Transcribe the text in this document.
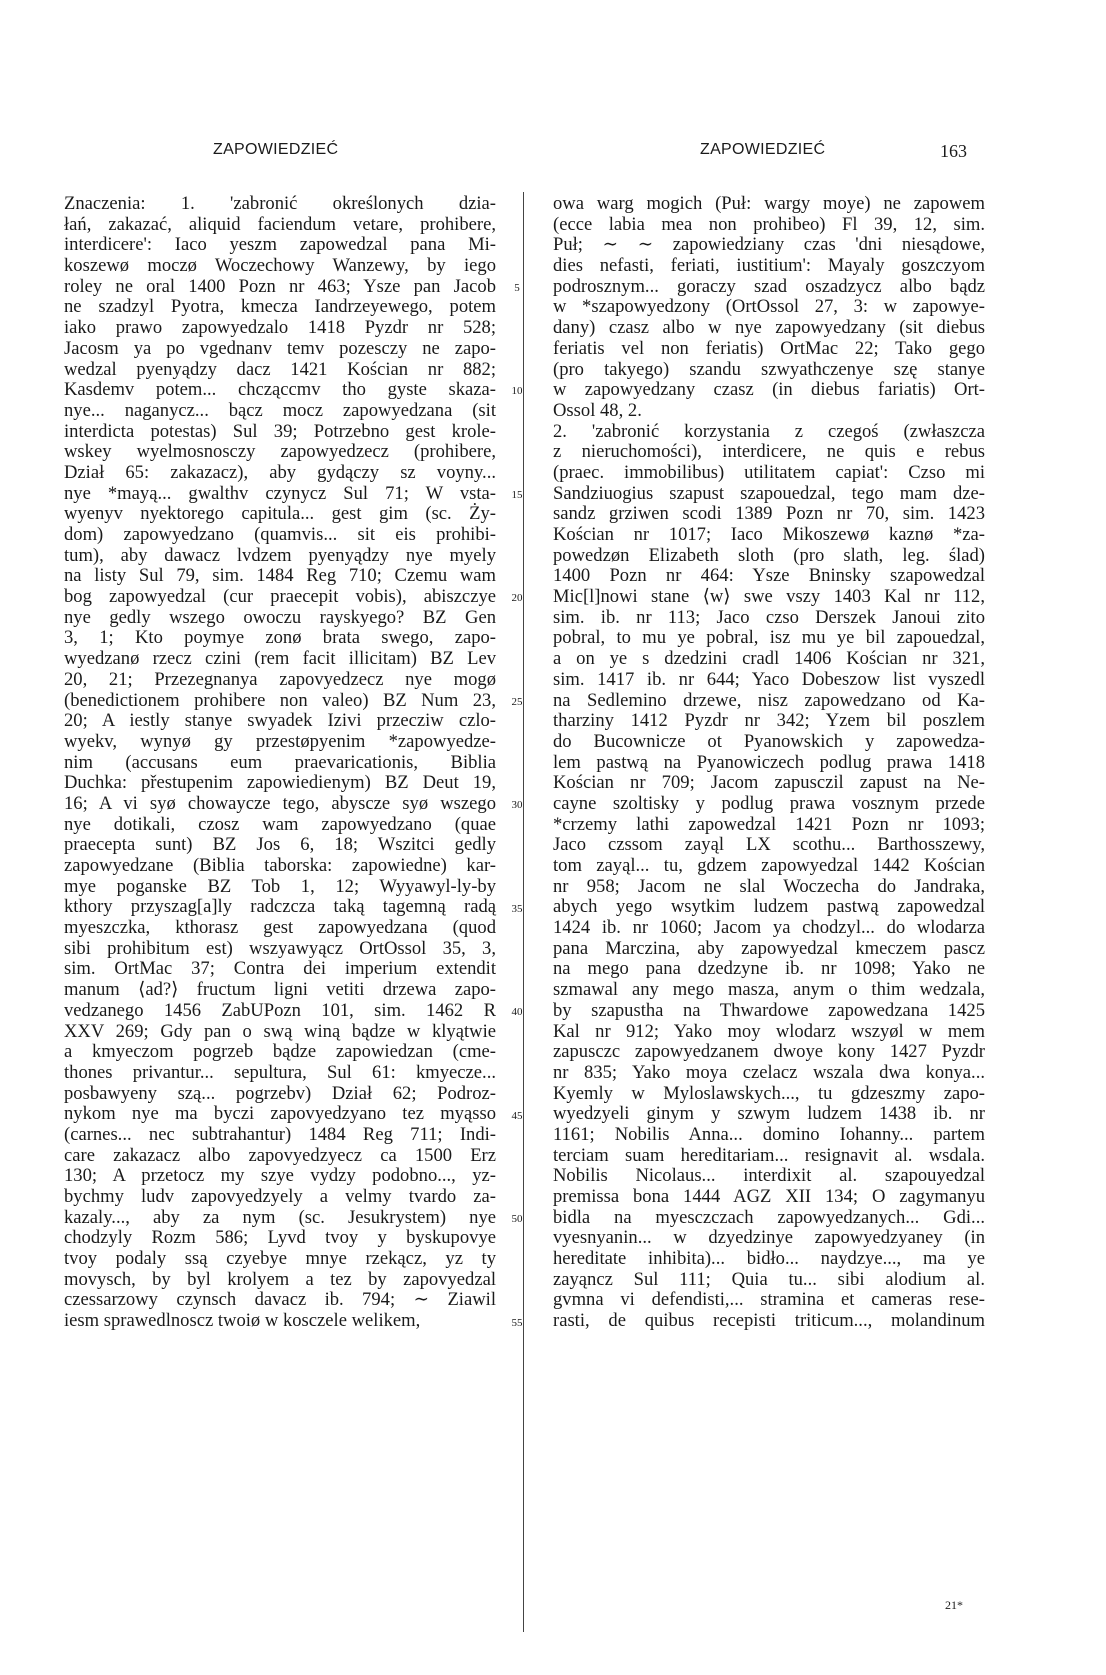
ZAPOWIEDZIEĆ	ZAPOWIEDZIEĆ	163
Znaczenia: 1. 'zabronić określonych dzia-
łań, zakazać, aliquid faciendum vetare, prohibere,
interdicere': Iaco yeszm zapowedzal pana Mi-
koszewø moczø Woczechowy Wanzewy, by iego
roley ne oral 1400 Pozn nr 463; Ysze pan Jacob
ne szadzyl Pyotra, kmecza Iandrzeyewego, potem
iako prawo zapowyedzalo 1418 Pyzdr nr 528;
Jacosm ya po vgednanv temv pozesczy ne zapo-
wedzal pyenyądzy dacz 1421 Kościan nr 882;
Kasdemv potem... chcząccmv tho gyste skaza-
nye... naganycz... bącz mocz zapowyedzana (sit
interdicta potestas) Sul 39; Potrzebno gest krole-
wskey wyelmosnosczy zapowyedzecz (prohibere,
Dział 65: zakazacz), aby gydączy sz voyny...
nye *mayą... gwalthv czynycz Sul 71; W vsta-
wyenyv nyektorego capitula... gest gim (sc. Ży-
dom) zapowyedzano (quamvis... sit eis prohibi-
tum), aby dawacz lvdzem pyenyądzy nye myely
na listy Sul 79, sim. 1484 Reg 710; Czemu wam
bog zapowyedzal (cur praecepit vobis), abiszczye
nye gedly wszego owoczu rayskyego? BZ Gen
3, 1; Kto poymye zonø brata swego, zapo-
wyedzanø rzecz czini (rem facit illicitam) BZ Lev
20, 21; Przezegnanya zapovyedzecz nye mogø
(benedictionem prohibere non valeo) BZ Num 23,
20; A iestly stanye swyadek Izivi przecziw czlo-
wyekv, wynyø gy przestøpyenim *zapowyedze-
nim (accusans eum praevaricationis, Biblia
Duchka: přestupenim zapowiedienym) BZ Deut 19,
16; A vi syø chowaycze tego, abyscze syø wszego
nye dotikali, czosz wam zapowyedzano (quae
praecepta sunt) BZ Jos 6, 18; Wszitci gedly
zapowyedzane (Biblia taborska: zapowiedne) kar-
mye poganske BZ Tob 1, 12; Wyyawyl-ly-by
kthory przyszag[a]ly radczcza taką tagemną radą
myeszczka, kthorasz gest zapowyedzana (quod
sibi prohibitum est) wszyawyącz OrtOssol 35, 3,
sim. OrtMac 37; Contra dei imperium extendit
manum ⟨ad?⟩ fructum ligni vetiti drzewa zapo-
vedzanego 1456 ZabUPozn 101, sim. 1462 R
XXV 269; Gdy pan o swą winą bądze w klyątwie
a kmyeczom pogrzeb bądze zapowiedzan (cme-
thones privantur... sepultura, Sul 61: kmyecze...
posbawyeny szą... pogrzebv) Dział 62; Podroz-
nykom nye ma byczi zapovyedzyano tez myąsso
(carnes... nec subtrahantur) 1484 Reg 711; Indi-
care zakazacz albo zapovyedzyecz ca 1500 Erz
130; A przetocz my szye vydzy podobno..., yz-
bychmy ludv zapovyedzyely a velmy tvardo za-
kazaly..., aby za nym (sc. Jesukrystem) nye
chodzyly Rozm 586; Lyvd tvoy y byskupovye
tvoy podaly ssą czyebye mnye rzekącz, yz ty
movysch, by byl krolyem a tez by zapovyedzal
czessarzowy czynsch davacz ib. 794; ∼ Ziawil
iesm sprawedlnoscz twoiø w kosczele welikem,
5
10
15
20
25
30
35
40
45
50
55
owa warg mogich (Puł: wargy moye) ne zapowem
(ecce labia mea non prohibeo) Fl 39, 12, sim.
Puł; ∼ ∼ zapowiedziany czas 'dni niesądowe,
dies nefasti, feriati, iustitium': Mayaly goszczyom
podrosznym... goraczy szad oszadzycz albo bądz
w *szapowyedzony (OrtOssol 27, 3: w zapowye-
dany) czasz albo w nye zapowyedzany (sit diebus
feriatis vel non feriatis) OrtMac 22; Tako gego
(pro takyego) szandu szwyathczenye szę stanye
w zapowyedzany czasz (in diebus fariatis) Ort-
Ossol 48, 2.
2. 'zabronić korzystania z czegoś (zwłaszcza
z nieruchomości), interdicere, ne quis e rebus
(praec. immobilibus) utilitatem capiat': Czso mi
Sandziuogius szapust szapouedzal, tego mam dze-
sandz grziwen scodi 1389 Pozn nr 70, sim. 1423
Kościan nr 1017; Iaco Mikoszewø kaznø *za-
powedzøn Elizabeth sloth (pro slath, leg. ślad)
1400 Pozn nr 464: Ysze Bninsky szapowedzal
Mic[l]nowi stane ⟨w⟩ swe vszy 1403 Kal nr 112,
sim. ib. nr 113; Jaco czso Derszek Janoui zito
pobral, to mu ye pobral, isz mu ye bil zapouedzal,
a on ye s dzedzini cradl 1406 Kościan nr 321,
sim. 1417 ib. nr 644; Yaco Dobeszow list vyszedl
na Sedlemino drzewe, nisz zapowedzano od Ka-
tharziny 1412 Pyzdr nr 342; Yzem bil poszlem
do Bucownicze ot Pyanowskich y zapowedza-
lem pastwą na Pyanowiczech podlug prawa 1418
Kościan nr 709; Jacom zapusczil zapust na Ne-
cayne szoltisky y podlug prawa vosznym przede
*crzemy lathi zapowedzal 1421 Pozn nr 1093;
Jaco czssom zayąl LX scothu... Barthosszewy,
tom zayąl... tu, gdzem zapowyedzal 1442 Kościan
nr 958; Jacom ne slal Woczecha do Jandraka,
abych yego wsytkim ludzem pastwą zapowedzal
1424 ib. nr 1060; Jacom ya chodzyl... do wlodarza
pana Marczina, aby zapowyedzal kmeczem pascz
na mego pana dzedzyne ib. nr 1098; Yako ne
szmawal any mego masza, anym o thim wedzala,
by szapustha na Thwardowe zapowedzana 1425
Kal nr 912; Yako moy wlodarz wszyøl w mem
zapusczc zapowyedzanem dwoye kony 1427 Pyzdr
nr 835; Yako moya czelacz wszala dwa konya...
Kyemly w Myloslawskych..., tu gdzeszmy zapo-
wyedzyeli ginym y szwym ludzem 1438 ib. nr
1161; Nobilis Anna... domino Iohanny... partem
terciam suam hereditariam... resignavit al. wsdala.
Nobilis Nicolaus... interdixit al. szapouyedzal
premissa bona 1444 AGZ XII 134; O zagymanyu
bidla na myesczczach zapowyedzanych... Gdi...
vyesnyanin... w dzyedzinye zapowyedzyaney (in
hereditate inhibita)... bidło... naydzye..., ma ye
zayąncz Sul 111; Quia tu... sibi alodium al.
gvmna vi defendisti,... stramina et cameras rese-
rasti, de quibus recepisti triticum..., molandinum
21*
